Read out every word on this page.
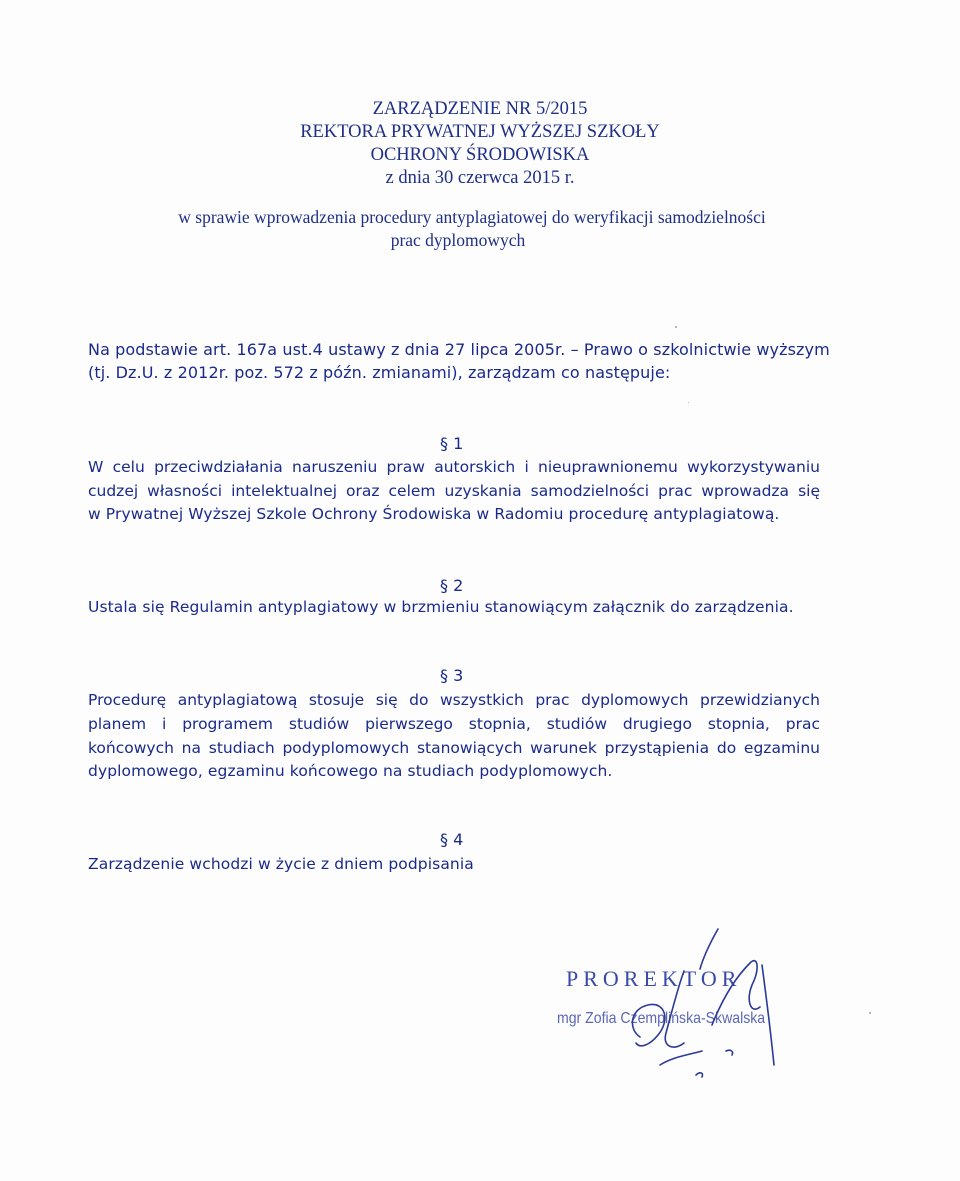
ZARZĄDZENIE NR 5/2015
REKTORA PRYWATNEJ WYŻSZEJ SZKOŁY
OCHRONY ŚRODOWISKA
z dnia 30 czerwca 2015 r.
w sprawie wprowadzenia procedury antyplagiatowej do weryfikacji samodzielności
prac dyplomowych
Na podstawie art. 167a ust.4 ustawy z dnia 27 lipca 2005r. – Prawo o szkolnictwie wyższym
(tj. Dz.U. z 2012r. poz. 572 z późn. zmianami), zarządzam co następuje:
§ 1
W celu przeciwdziałania naruszeniu praw autorskich i nieuprawnionemu wykorzystywaniu
cudzej własności intelektualnej oraz celem uzyskania samodzielności prac wprowadza się
w Prywatnej Wyższej Szkole Ochrony Środowiska w Radomiu procedurę antyplagiatową.
§ 2
Ustala się Regulamin antyplagiatowy w brzmieniu stanowiącym załącznik do zarządzenia.
§ 3
Procedurę antyplagiatową stosuje się do wszystkich prac dyplomowych przewidzianych
planem i programem studiów pierwszego stopnia, studiów drugiego stopnia, prac
końcowych na studiach podyplomowych stanowiących warunek przystąpienia do egzaminu
dyplomowego, egzaminu końcowego na studiach podyplomowych.
§ 4
Zarządzenie wchodzi w życie z dniem podpisania
PROREKTOR
mgr Zofia Czemplińska-Skwalska
